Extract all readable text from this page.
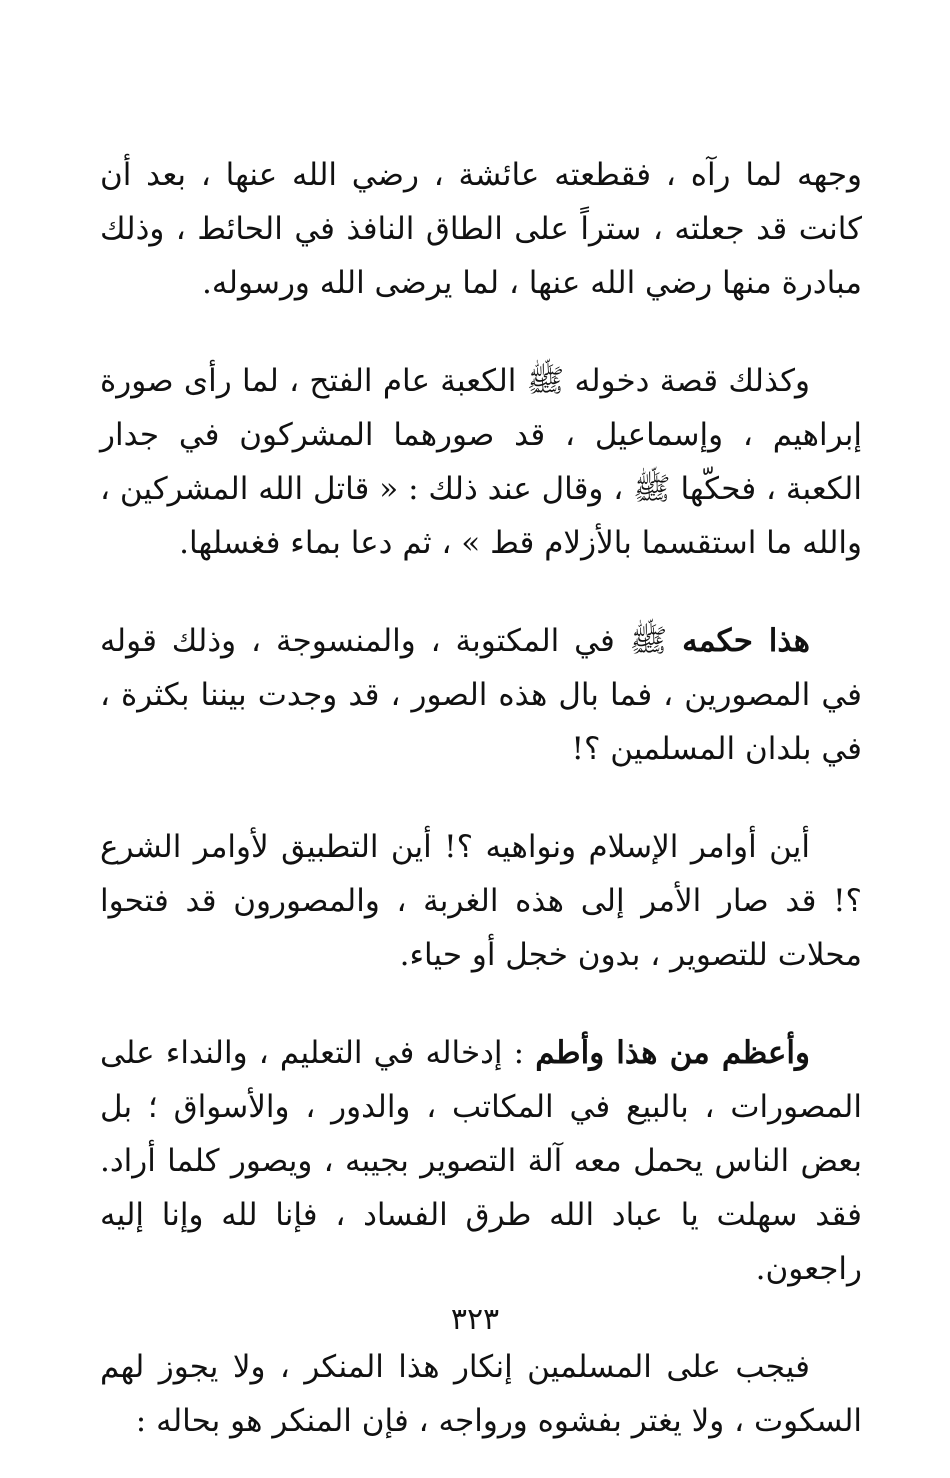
وجهه لما رآه ، فقطعته عائشة ، رضي الله عنها ، بعد أن كانت قد جعلته ، ستراً على الطاق النافذ في الحائط ، وذلك مبادرة منها رضي الله عنها ، لما يرضى الله ورسوله.

وكذلك قصة دخوله ﷺ الكعبة عام الفتح ، لما رأى صورة إبراهيم ، وإسماعيل ، قد صورهما المشركون في جدار الكعبة ، فحكّها ﷺ ، وقال عند ذلك : « قاتل الله المشركين ، والله ما استقسما بالأزلام قط » ، ثم دعا بماء فغسلها.

هذا حكمه ﷺ في المكتوبة ، والمنسوجة ، وذلك قوله في المصورين ، فما بال هذه الصور ، قد وجدت بيننا بكثرة ، في بلدان المسلمين ؟!

أين أوامر الإسلام ونواهيه ؟! أين التطبيق لأوامر الشرع ؟! قد صار الأمر إلى هذه الغربة ، والمصورون قد فتحوا محلات للتصوير ، بدون خجل أو حياء.

وأعظم من هذا وأطم : إدخاله في التعليم ، والنداء على المصورات ، بالبيع في المكاتب ، والدور ، والأسواق ؛ بل بعض الناس يحمل معه آلة التصوير بجيبه ، ويصور كلما أراد. فقد سهلت يا عباد الله طرق الفساد ، فإنا لله وإنا إليه راجعون.

فيجب على المسلمين إنكار هذا المنكر ، ولا يجوز لهم السكوت ، ولا يغتر بفشوه ورواجه ، فإن المنكر هو بحاله :

٣٢٣
